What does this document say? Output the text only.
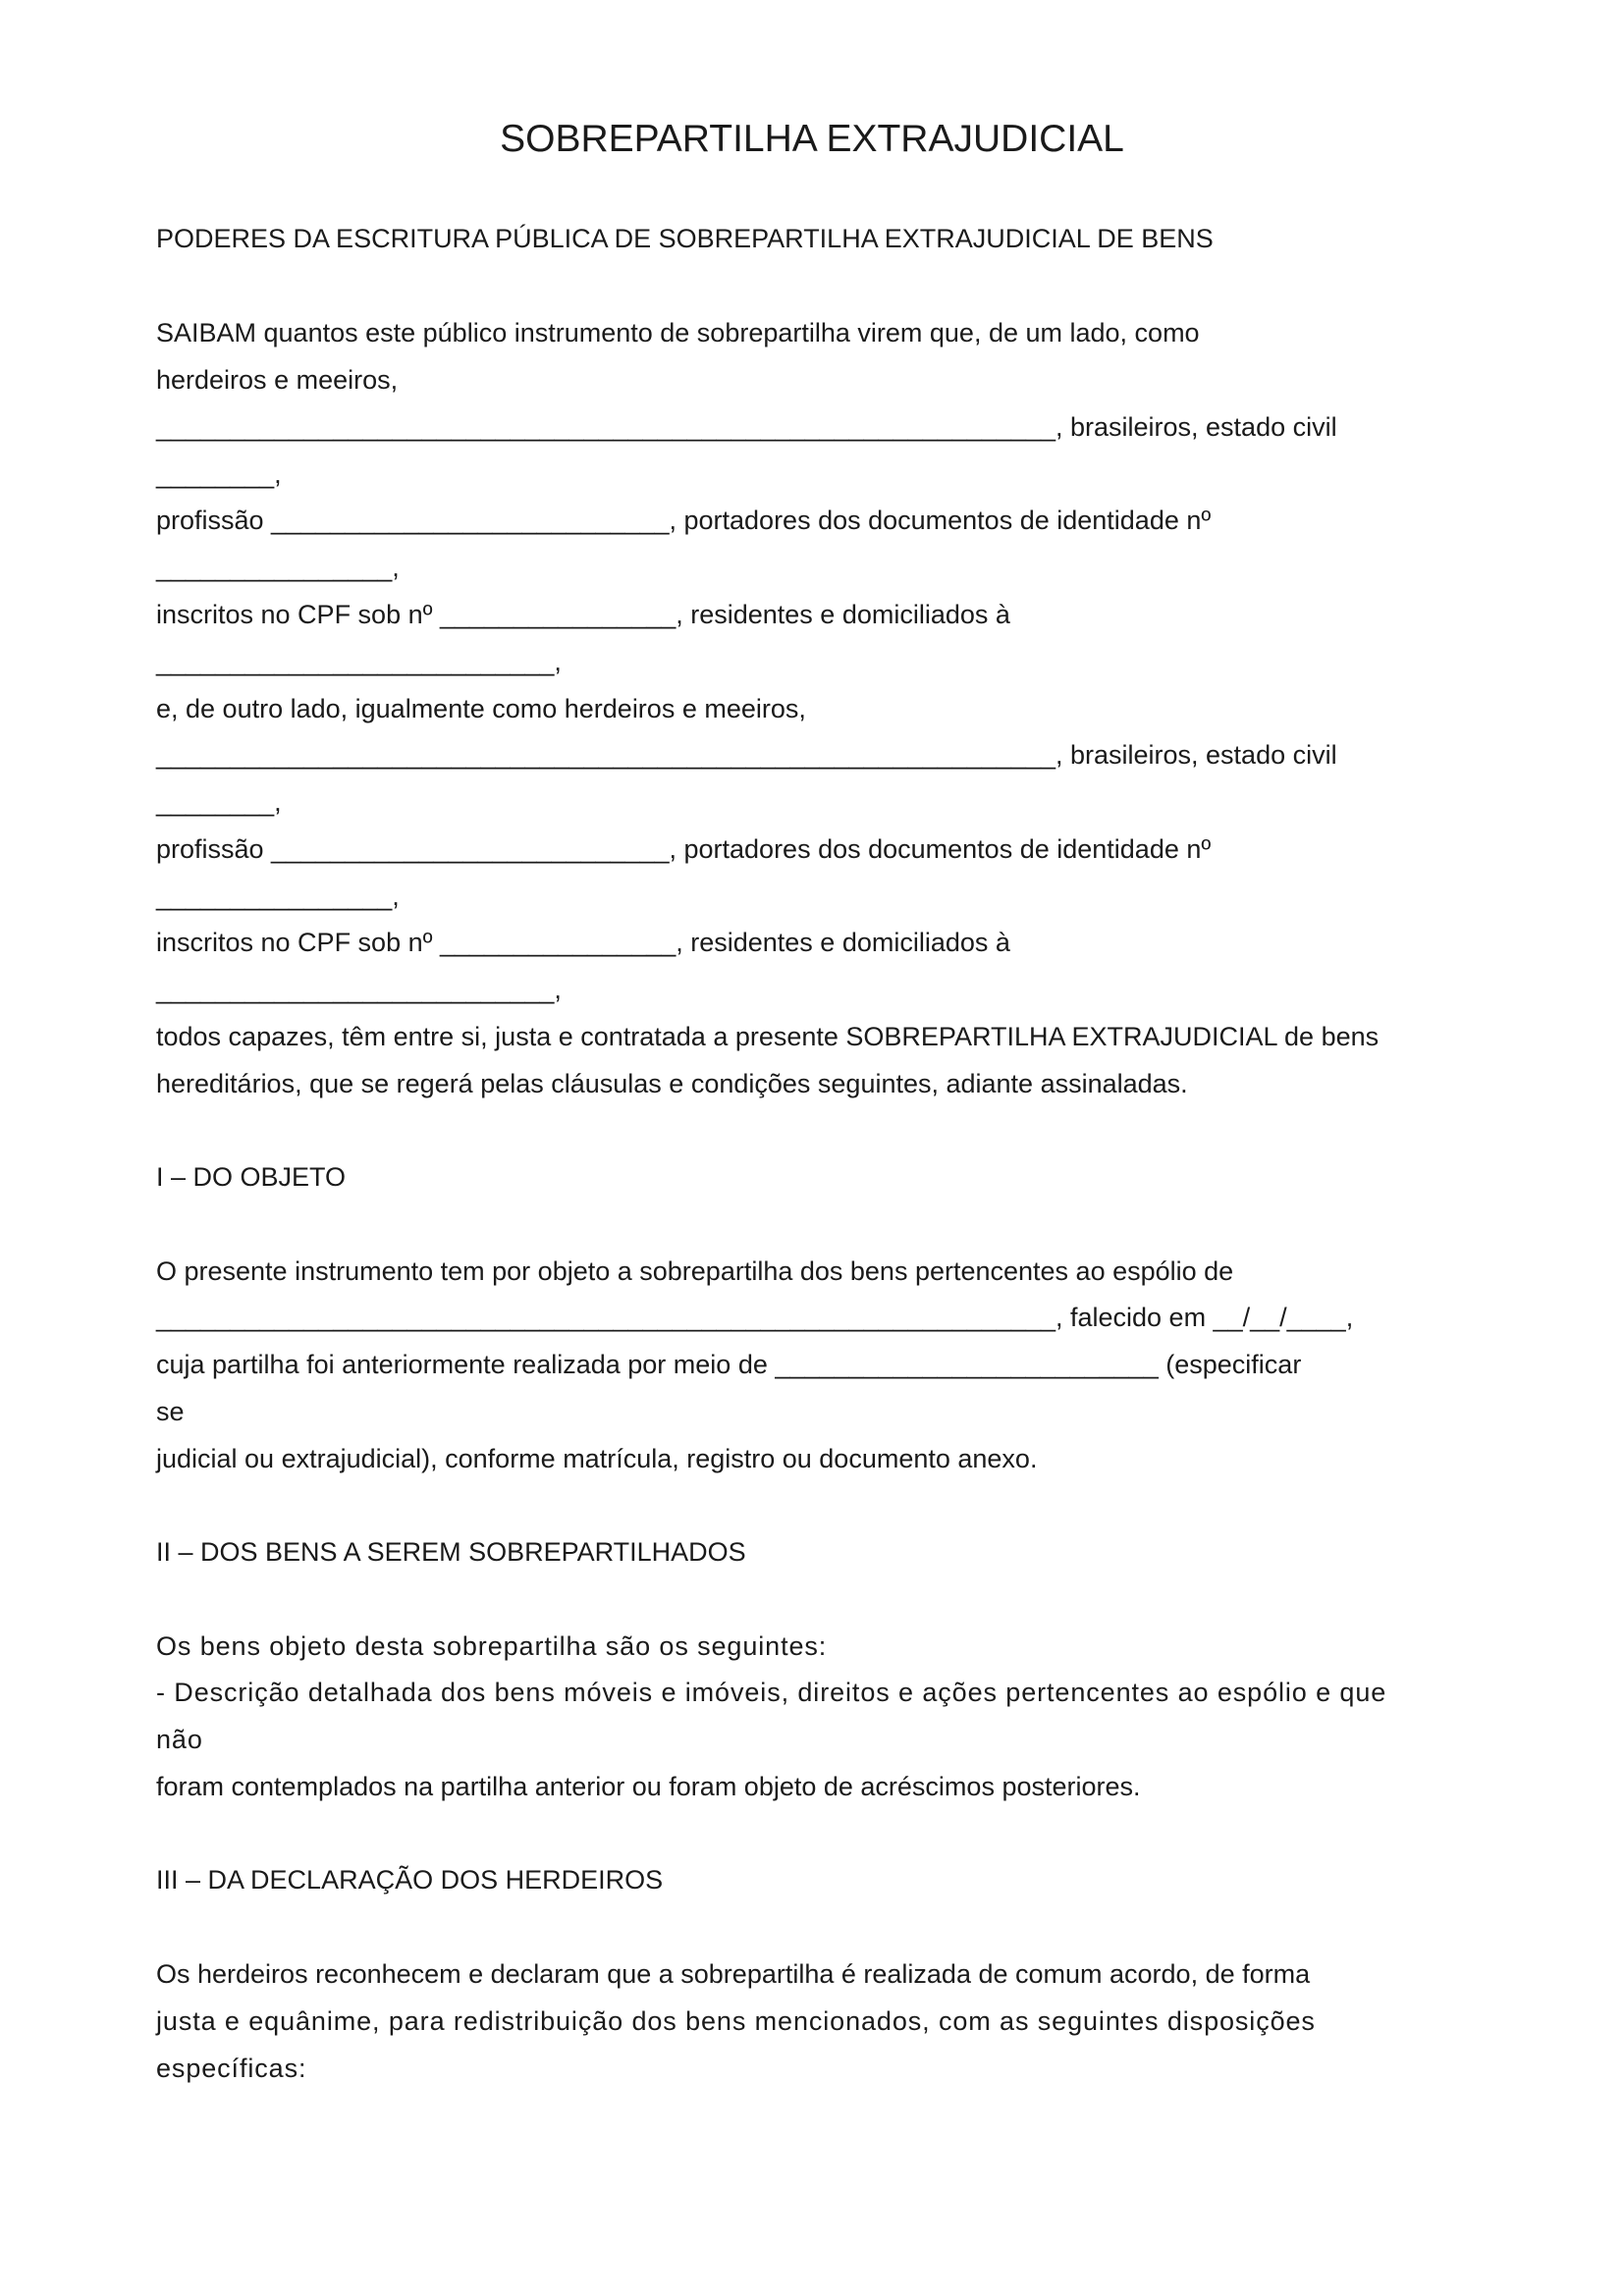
SOBREPARTILHA EXTRAJUDICIAL
PODERES DA ESCRITURA PÚBLICA DE SOBREPARTILHA EXTRAJUDICIAL DE BENS
SAIBAM quantos este público instrumento de sobrepartilha virem que, de um lado, como
herdeiros e meeiros,
_____________________________________________________________, brasileiros, estado civil
________,
profissão ___________________________, portadores dos documentos de identidade nº
________________,
inscritos no CPF sob nº ________________, residentes e domiciliados à
___________________________,
e, de outro lado, igualmente como herdeiros e meeiros,
_____________________________________________________________, brasileiros, estado civil
________,
profissão ___________________________, portadores dos documentos de identidade nº
________________,
inscritos no CPF sob nº ________________, residentes e domiciliados à
___________________________,
todos capazes, têm entre si, justa e contratada a presente SOBREPARTILHA EXTRAJUDICIAL de bens
hereditários, que se regerá pelas cláusulas e condições seguintes, adiante assinaladas.
I – DO OBJETO
O presente instrumento tem por objeto a sobrepartilha dos bens pertencentes ao espólio de
_____________________________________________________________, falecido em __/__/____,
cuja partilha foi anteriormente realizada por meio de __________________________ (especificar
se
judicial ou extrajudicial), conforme matrícula, registro ou documento anexo.
II – DOS BENS A SEREM SOBREPARTILHADOS
Os bens objeto desta sobrepartilha são os seguintes:
- Descrição detalhada dos bens móveis e imóveis, direitos e ações pertencentes ao espólio e que
não
foram contemplados na partilha anterior ou foram objeto de acréscimos posteriores.
III – DA DECLARAÇÃO DOS HERDEIROS
Os herdeiros reconhecem e declaram que a sobrepartilha é realizada de comum acordo, de forma
justa e equânime, para redistribuição dos bens mencionados, com as seguintes disposições
específicas:
